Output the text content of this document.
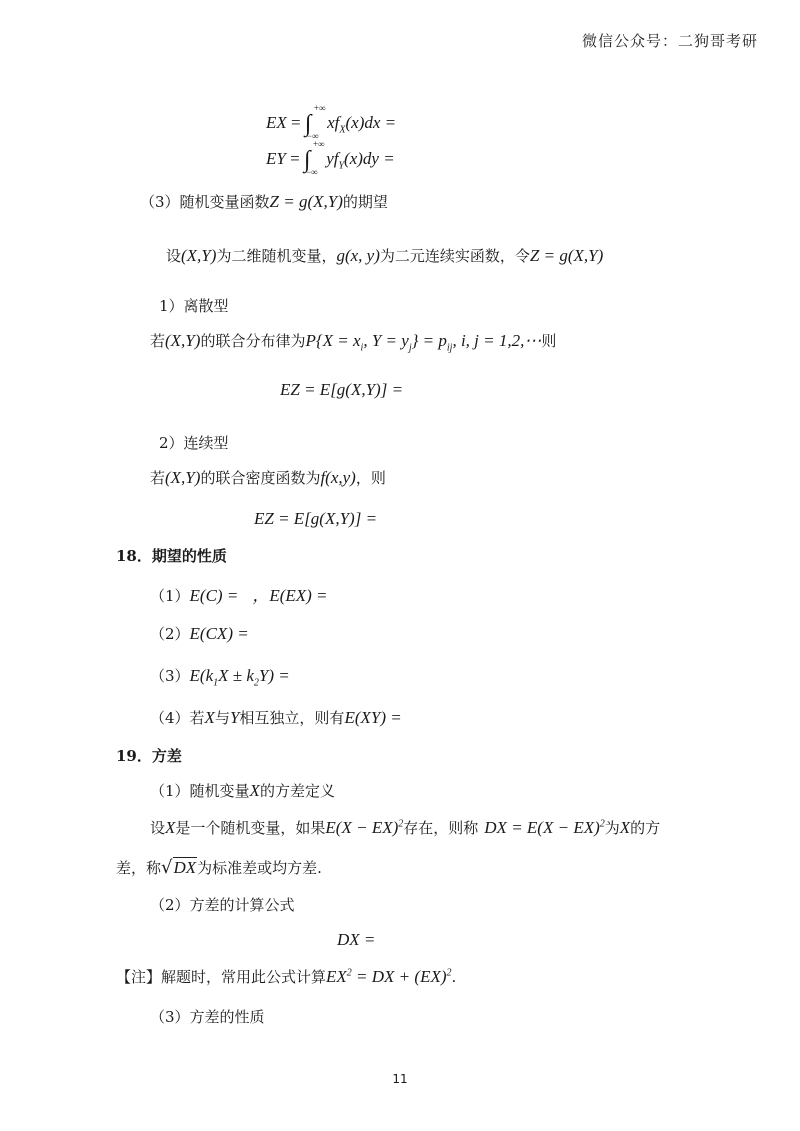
微信公众号：二狗哥考研
EX = ∫
+∞
−∞
$xf_X(x)dx$ =
EY = ∫
+∞
−∞
$yf_Y(x)dy$ =
（3）随机变量函数Z = g(X,Y)的期望
设(X,Y)为二维随机变量，g(x, y)为二元连续实函数，令Z = g(X,Y)
1）离散型
若(X,Y)的联合分布律为$P\{X = x_i$, $Y = y_j\} = p_{ij}$, i, j = 1,2,⋯则
EZ = E[g(X,Y)] =
2）连续型
若(X,Y)的联合密度函数为f(x,y)，则
EZ = E[g(X,Y)] =
18．期望的性质
（1）E(C) = ，E(EX) =
（2）E(CX) =
$(3)E(k_1X \pm k_2Y)$ =
（4）若X与Y相互独立，则有E(XY) =
19．方差
（1）随机变量X的方差定义
设X是一个随机变量，如果E(X − EX)$^2$存在，则称 DX = E(X − EX)$^2$为X的方
差，称√DX为标准差或均方差.
（2）方差的计算公式
DX =
【注】解题时，常用此公式计算$EX^2$ = DX + (EX)$^2$.
（3）方差的性质
11
